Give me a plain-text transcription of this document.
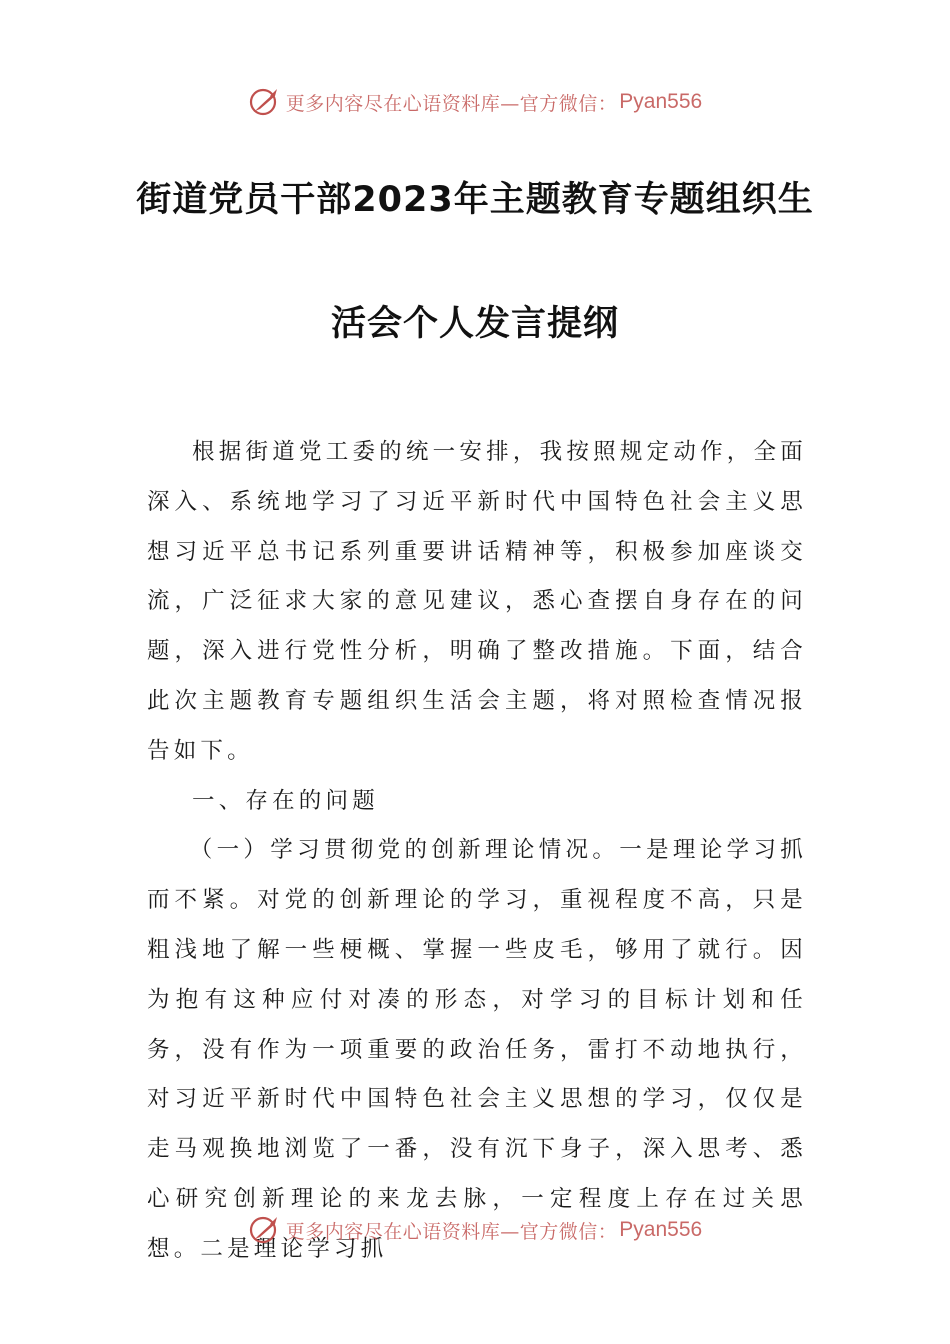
更多内容尽在心语资料库—官方微信： Pyan556
街道党员干部2023年主题教育专题组织生
活会个人发言提纲

根据街道党工委的统一安排，我按照规定动作，全面深入、系统地学习了习近平新时代中国特色社会主义思想习近平总书记系列重要讲话精神等，积极参加座谈交流，广泛征求大家的意见建议，悉心查摆自身存在的问题，深入进行党性分析，明确了整改措施。下面，结合此次主题教育专题组织生活会主题，将对照检查情况报告如下。

一、存在的问题

（一）学习贯彻党的创新理论情况。一是理论学习抓而不紧。对党的创新理论的学习，重视程度不高，只是粗浅地了解一些梗概、掌握一些皮毛，够用了就行。因为抱有这种应付对凑的形态，对学习的目标计划和任务，没有作为一项重要的政治任务，雷打不动地执行，对习近平新时代中国特色社会主义思想的学习，仅仅是走马观换地浏览了一番，没有沉下身子，深入思考、悉心研究创新理论的来龙去脉，一定程度上存在过关思想。二是理论学习抓

更多内容尽在心语资料库—官方微信： Pyan556
